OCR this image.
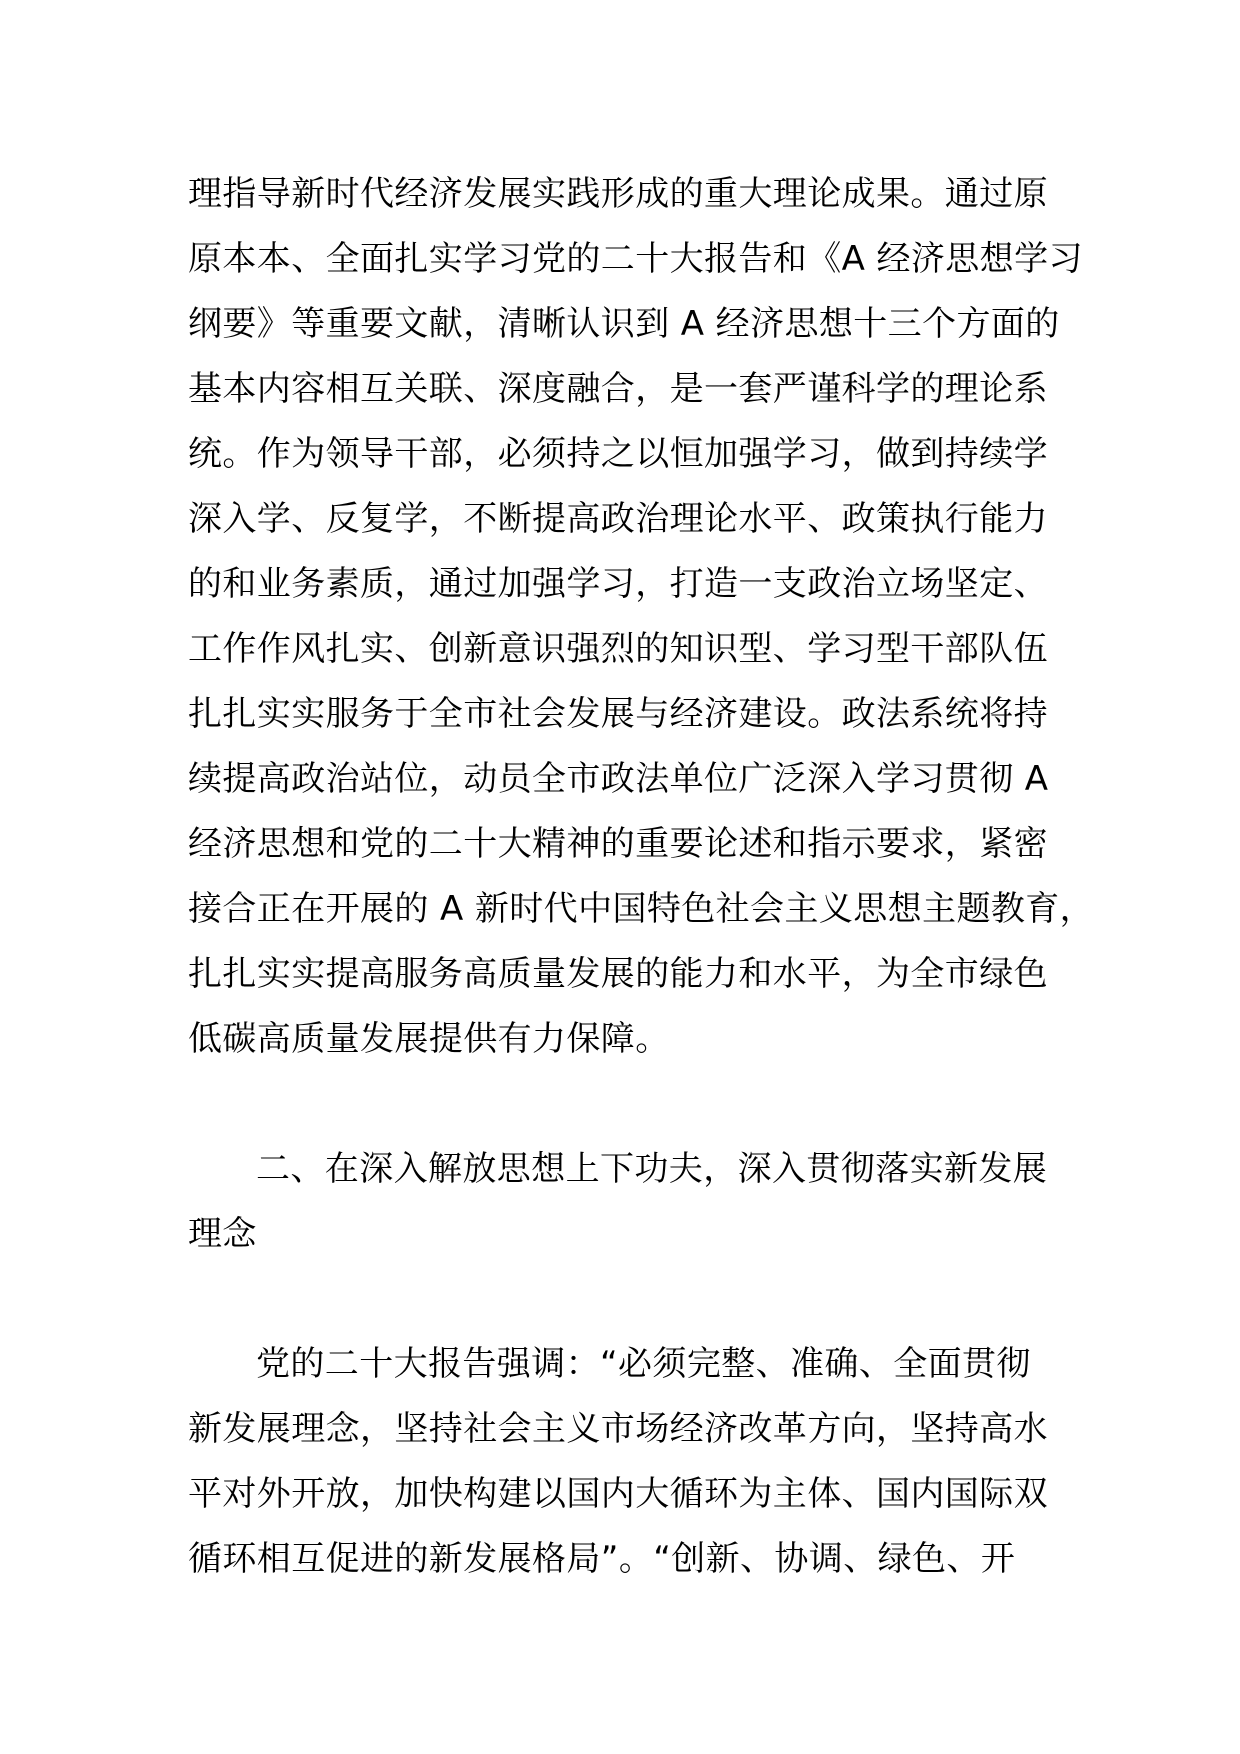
理指导新时代经济发展实践形成的重大理论成果。通过原
原本本、全面扎实学习党的二十大报告和《A 经济思想学习
纲要》等重要文献，清晰认识到 A 经济思想十三个方面的
基本内容相互关联、深度融合，是一套严谨科学的理论系
统。作为领导干部，必须持之以恒加强学习，做到持续学
深入学、反复学，不断提高政治理论水平、政策执行能力
的和业务素质，通过加强学习，打造一支政治立场坚定、
工作作风扎实、创新意识强烈的知识型、学习型干部队伍
扎扎实实服务于全市社会发展与经济建设。政法系统将持
续提高政治站位，动员全市政法单位广泛深入学习贯彻 A
经济思想和党的二十大精神的重要论述和指示要求，紧密
接合正在开展的 A 新时代中国特色社会主义思想主题教育，
扎扎实实提高服务高质量发展的能力和水平，为全市绿色
低碳高质量发展提供有力保障。
二、在深入解放思想上下功夫，深入贯彻落实新发展
理念
党的二十大报告强调：“必须完整、准确、全面贯彻
新发展理念，坚持社会主义市场经济改革方向，坚持高水
平对外开放，加快构建以国内大循环为主体、国内国际双
循环相互促进的新发展格局”。“创新、协调、绿色、开
